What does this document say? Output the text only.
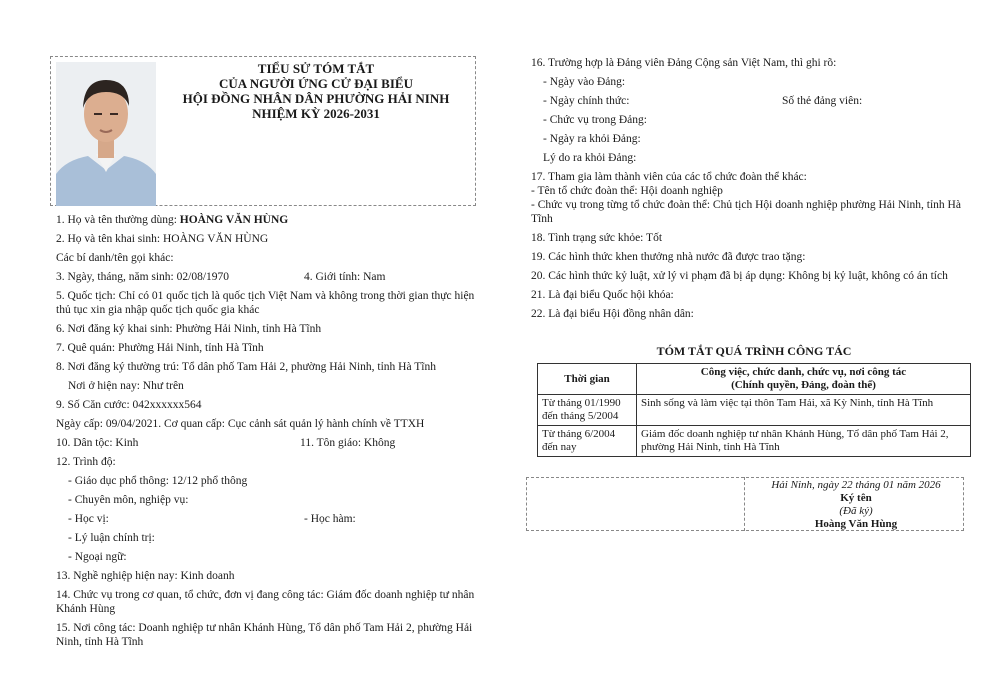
TIỂU SỬ TÓM TẮT
CỦA NGƯỜI ỨNG CỬ ĐẠI BIỂU
HỘI ĐỒNG NHÂN DÂN PHƯỜNG HẢI NINH
NHIỆM KỲ 2026-2031
1. Họ và tên thường dùng: HOÀNG VĂN HÙNG
2. Họ và tên khai sinh: HOÀNG VĂN HÙNG
Các bí danh/tên gọi khác:
3. Ngày, tháng, năm sinh: 02/08/1970	4. Giới tính: Nam
5. Quốc tịch: Chỉ có 01 quốc tịch là quốc tịch Việt Nam và không trong thời gian thực hiện thủ tục xin gia nhập quốc tịch quốc gia khác
6. Nơi đăng ký khai sinh: Phường Hải Ninh, tỉnh Hà Tĩnh
7. Quê quán: Phường Hải Ninh, tỉnh Hà Tĩnh
8. Nơi đăng ký thường trú: Tổ dân phố Tam Hải 2, phường Hải Ninh, tỉnh Hà Tĩnh
Nơi ở hiện nay: Như trên
9. Số Căn cước: 042xxxxxx564
Ngày cấp: 09/04/2021. Cơ quan cấp: Cục cảnh sát quản lý hành chính về TTXH
10. Dân tộc: Kinh	11. Tôn giáo: Không
12. Trình độ:
- Giáo dục phổ thông: 12/12 phổ thông
- Chuyên môn, nghiệp vụ:
- Học vị:	- Học hàm:
- Lý luận chính trị:
- Ngoại ngữ:
13. Nghề nghiệp hiện nay: Kinh doanh
14. Chức vụ trong cơ quan, tổ chức, đơn vị đang công tác: Giám đốc doanh nghiệp tư nhân Khánh Hùng
15. Nơi công tác: Doanh nghiệp tư nhân Khánh Hùng, Tổ dân phố Tam Hải 2, phường Hải Ninh, tỉnh Hà Tĩnh
16. Trường hợp là Đảng viên Đảng Cộng sản Việt Nam, thì ghi rõ:
- Ngày vào Đảng:
- Ngày chính thức:	Số thẻ đảng viên:
- Chức vụ trong Đảng:
- Ngày ra khỏi Đảng:
Lý do ra khỏi Đảng:
17. Tham gia làm thành viên của các tổ chức đoàn thể khác:
- Tên tổ chức đoàn thể: Hội doanh nghiệp
- Chức vụ trong từng tổ chức đoàn thể: Chủ tịch Hội doanh nghiệp phường Hải Ninh, tỉnh Hà Tĩnh
18. Tình trạng sức khỏe: Tốt
19. Các hình thức khen thưởng nhà nước đã được trao tặng:
20. Các hình thức kỷ luật, xử lý vi phạm đã bị áp dụng: Không bị kỷ luật, không có án tích
21. Là đại biểu Quốc hội khóa:
22. Là đại biểu Hội đồng nhân dân:
TÓM TẮT QUÁ TRÌNH CÔNG TÁC
Thời gian	Công việc, chức danh, chức vụ, nơi công tác
(Chính quyền, Đảng, đoàn thể)

Từ tháng 01/1990
đến tháng 5/2004	Sinh sống và làm việc tại thôn Tam Hải, xã Kỳ Ninh, tỉnh Hà Tĩnh

Từ tháng 6/2004
đến nay	Giám đốc doanh nghiệp tư nhân Khánh Hùng, Tổ dân phố Tam Hải 2, phường Hải Ninh, tỉnh Hà Tĩnh
Hải Ninh, ngày 22 tháng 01 năm 2026
Ký tên
(Đã ký)
Hoàng Văn Hùng
